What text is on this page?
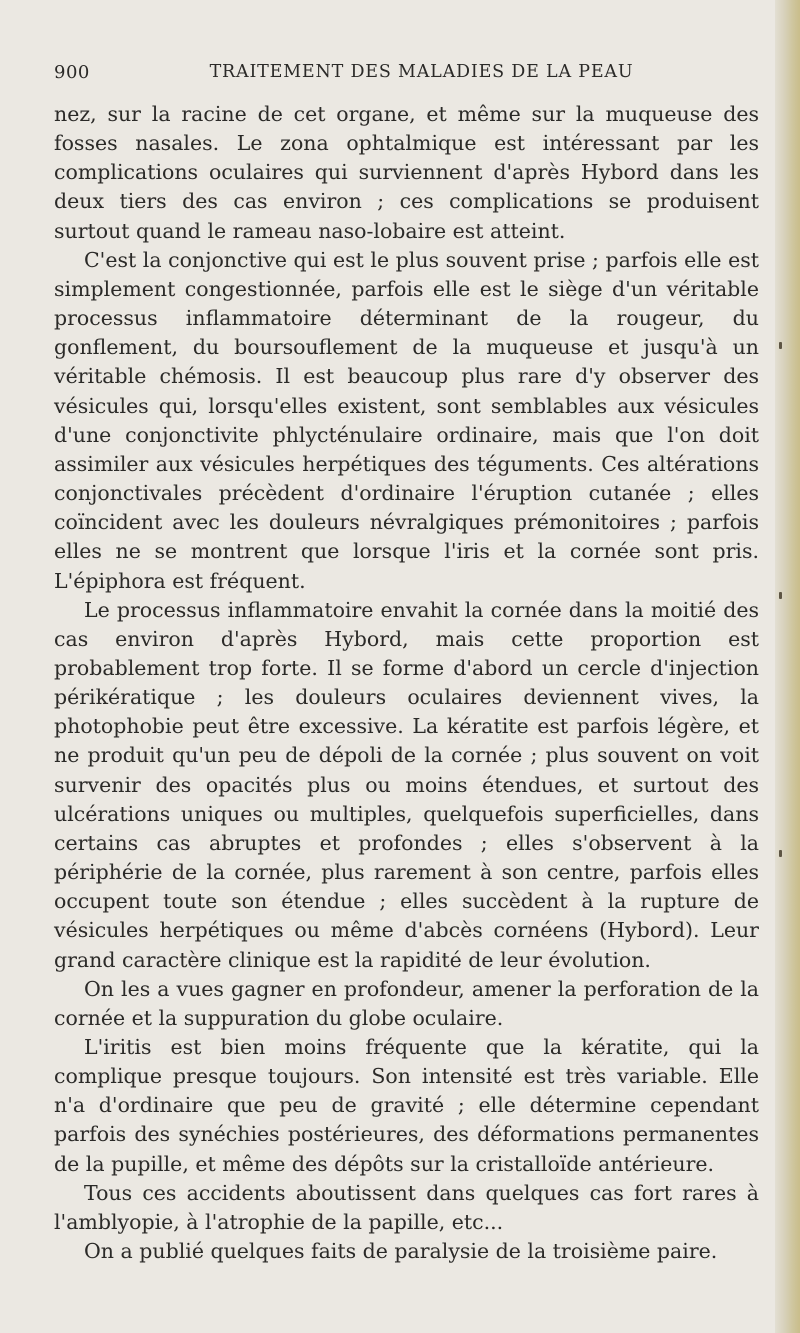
900	TRAITEMENT DES MALADIES DE LA PEAU

nez, sur la racine de cet organe, et même sur la muqueuse des fosses nasales. Le zona ophtalmique est intéressant par les complications oculaires qui surviennent d'après Hybord dans les deux tiers des cas environ ; ces complications se produisent surtout quand le rameau naso-lobaire est atteint.

C'est la conjonctive qui est le plus souvent prise ; parfois elle est simplement congestionnée, parfois elle est le siège d'un véritable processus inflammatoire déterminant de la rougeur, du gonflement, du boursouflement de la muqueuse et jusqu'à un véritable chémosis. Il est beaucoup plus rare d'y observer des vésicules qui, lorsqu'elles existent, sont semblables aux vésicules d'une conjonctivite phlycténulaire ordinaire, mais que l'on doit assimiler aux vésicules herpétiques des téguments. Ces altérations conjonctivales précèdent d'ordinaire l'éruption cutanée ; elles coïncident avec les douleurs névralgiques prémonitoires ; parfois elles ne se montrent que lorsque l'iris et la cornée sont pris. L'épiphora est fréquent.

Le processus inflammatoire envahit la cornée dans la moitié des cas environ d'après Hybord, mais cette proportion est probablement trop forte. Il se forme d'abord un cercle d'injection périkératique ; les douleurs oculaires deviennent vives, la photophobie peut être excessive. La kératite est parfois légère, et ne produit qu'un peu de dépoli de la cornée ; plus souvent on voit survenir des opacités plus ou moins étendues, et surtout des ulcérations uniques ou multiples, quelquefois superficielles, dans certains cas abruptes et profondes ; elles s'observent à la périphérie de la cornée, plus rarement à son centre, parfois elles occupent toute son étendue ; elles succèdent à la rupture de vésicules herpétiques ou même d'abcès cornéens (Hybord). Leur grand caractère clinique est la rapidité de leur évolution.

On les a vues gagner en profondeur, amener la perforation de la cornée et la suppuration du globe oculaire.

L'iritis est bien moins fréquente que la kératite, qui la complique presque toujours. Son intensité est très variable. Elle n'a d'ordinaire que peu de gravité ; elle détermine cependant parfois des synéchies postérieures, des déformations permanentes de la pupille, et même des dépôts sur la cristalloïde antérieure.

Tous ces accidents aboutissent dans quelques cas fort rares à l'amblyopie, à l'atrophie de la papille, etc...

On a publié quelques faits de paralysie de la troisième paire.
